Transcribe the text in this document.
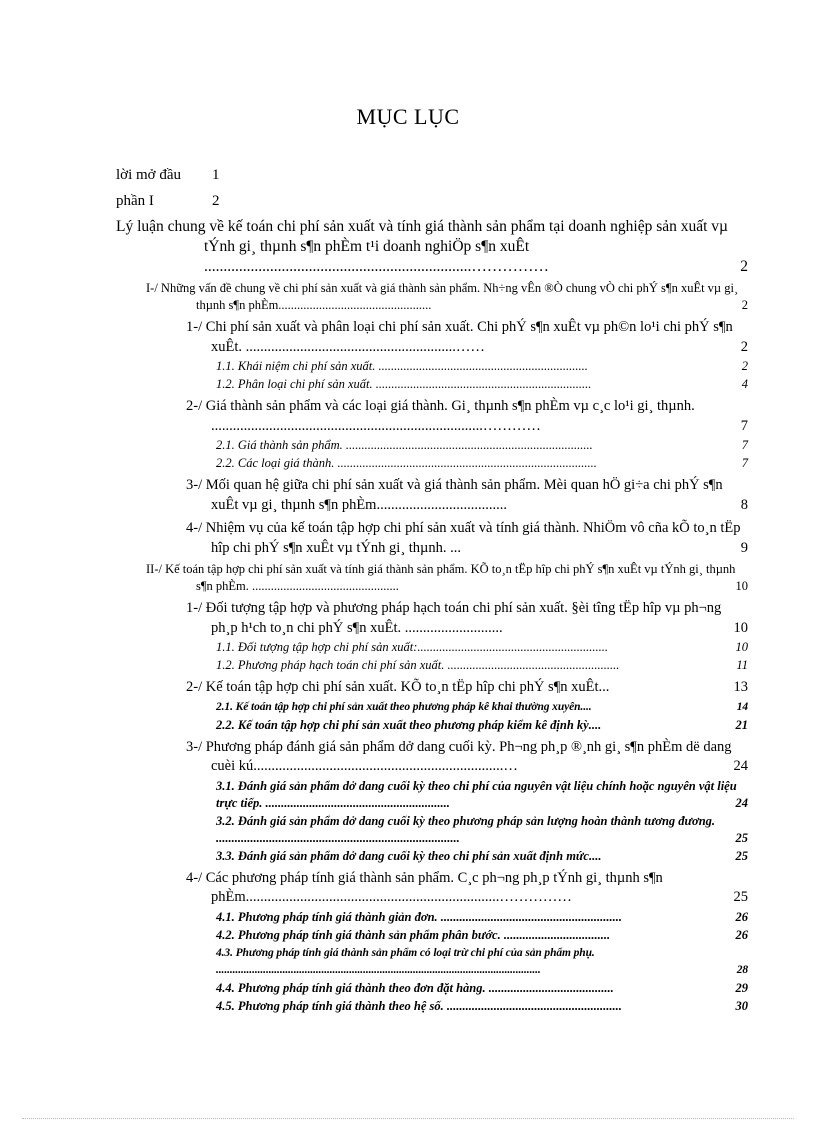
MỤC LỤC
lời mở đầu	1
phần I	2
Lý luận chung về kế toán chi phí sản xuất và tính giá thành sản phẩm tại doanh nghiệp sản xuất vµ tÝnh gi¸ thµnh s¶n phÈm t¹i doanh nghiÖp s¶n xuÊt .....................................................................……………	2
I-/ Những vấn đề chung về chi phí sản xuất và giá thành sản phẩm. Nh÷ng vÊn ®Ò chung vÒ chi phÝ s¶n xuÊt vµ gi¸ thµnh s¶n phÈm.................................................	2
1-/ Chi phí sản xuất và phân loại chi phí sản xuất. Chi phÝ s¶n xuÊt vµ ph©n lo¹i chi phÝ s¶n xuÊt. ..........................................................……	2
1.1. Khái niệm chi phí sản xuất. ...................................................................	2
1.2. Phân loại chi phí sản xuất. .....................................................................	4
2-/ Giá thành sản phẩm và các loại giá thành. Gi¸ thµnh s¶n phÈm vµ c¸c lo¹i gi¸ thµnh. ...........................................................................…………	7
2.1. Giá thành sản phẩm. ...............................................................................	7
2.2. Các loại giá thành. ...................................................................................	7
3-/ Mối quan hệ giữa chi phí sản xuất và giá thành sản phẩm. Mèi quan hÖ gi÷a chi phÝ s¶n xuÊt vµ gi¸ thµnh s¶n phÈm....................................	8
4-/ Nhiệm vụ của kế toán tập hợp chi phí sản xuất và tính giá thành. NhiÖm vô cña kÕ to¸n tËp hîp chi phÝ s¶n xuÊt vµ tÝnh gi¸ thµnh. ...	9
II-/ Kế toán tập hợp chi phí sản xuất và tính giá thành sản phẩm. KÕ to¸n tËp hîp chi phÝ s¶n xuÊt vµ tÝnh gi¸ thµnh s¶n phÈm. ...............................................	10
1-/ Đối tượng tập hợp và phương pháp hạch toán chi phí sản xuất. §èi tîng tËp hîp vµ ph¬ng ph¸p h¹ch to¸n chi phÝ s¶n xuÊt. ...........................	10
1.1. Đối tượng tập hợp chi phí sản xuất:.............................................................	10
1.2. Phương pháp hạch toán chi phí sản xuất. .......................................................	11
2-/ Kế toán tập hợp chi phí sản xuất. KÕ to¸n tËp hîp chi phÝ s¶n xuÊt...	13
2.1. Kế toán tập hợp chi phí sản xuất theo phương pháp kê khai thường xuyên....	14
2.2. Kế toán tập hợp chi phí sản xuất theo phương pháp kiểm kê định kỳ....	21
3-/ Phương pháp đánh giá sản phẩm dở dang cuối kỳ. Ph¬ng ph¸p ®¸nh gi¸ s¶n phÈm dë dang cuèi kú.....................................................................…	24
3.1. Đánh giá sản phẩm dở dang cuối kỳ theo chi phí của nguyên vật liệu chính hoặc nguyên vật liệu trực tiếp. ...........................................................	24
3.2. Đánh giá sản phẩm dở dang cuối kỳ theo phương pháp sản lượng hoàn thành tương đương. ..............................................................................	25
3.3. Đánh giá sản phẩm dở dang cuối kỳ theo chi phí sản xuất định mức....	25
4-/ Các phương pháp tính giá thành sản phẩm. C¸c ph¬ng ph¸p tÝnh gi¸ thµnh s¶n phÈm......................................................................……………	25
4.1. Phương pháp tính giá thành giản đơn. ..........................................................	26
4.2. Phương pháp tính giá thành sản phẩm phân bước. ..................................	26
4.3. Phương pháp tính giá thành sản phẩm có loại trừ chi phí của sản phẩm phụ. .....................................................................................................................	28
4.4. Phương pháp tính giá thành theo đơn đặt hàng. ........................................	29
4.5. Phương pháp tính giá thành theo hệ số. ........................................................	30
